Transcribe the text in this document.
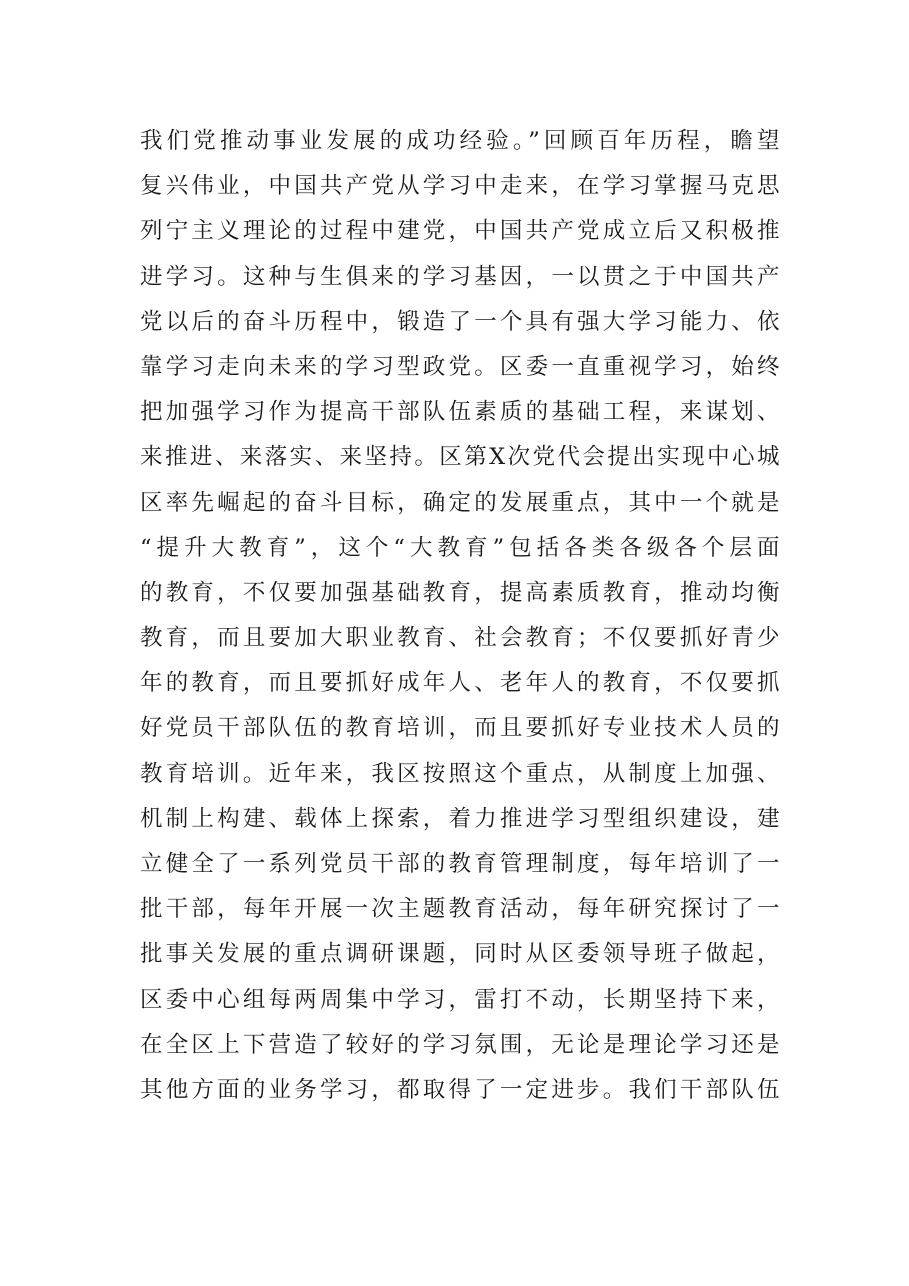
我们党推动事业发展的成功经验。”回顾百年历程，瞻望
复兴伟业，中国共产党从学习中走来，在学习掌握马克思
列宁主义理论的过程中建党，中国共产党成立后又积极推
进学习。这种与生俱来的学习基因，一以贯之于中国共产
党以后的奋斗历程中，锻造了一个具有强大学习能力、依
靠学习走向未来的学习型政党。区委一直重视学习，始终
把加强学习作为提高干部队伍素质的基础工程，来谋划、
来推进、来落实、来坚持。区第Ⅹ次党代会提出实现中心城
区率先崛起的奋斗目标，确定的发展重点，其中一个就是
“提升大教育”，这个“大教育”包括各类各级各个层面
的教育，不仅要加强基础教育，提高素质教育，推动均衡
教育，而且要加大职业教育、社会教育；不仅要抓好青少
年的教育，而且要抓好成年人、老年人的教育，不仅要抓
好党员干部队伍的教育培训，而且要抓好专业技术人员的
教育培训。近年来，我区按照这个重点，从制度上加强、
机制上构建、载体上探索，着力推进学习型组织建设，建
立健全了一系列党员干部的教育管理制度，每年培训了一
批干部，每年开展一次主题教育活动，每年研究探讨了一
批事关发展的重点调研课题，同时从区委领导班子做起，
区委中心组每两周集中学习，雷打不动，长期坚持下来，
在全区上下营造了较好的学习氛围，无论是理论学习还是
其他方面的业务学习，都取得了一定进步。我们干部队伍
